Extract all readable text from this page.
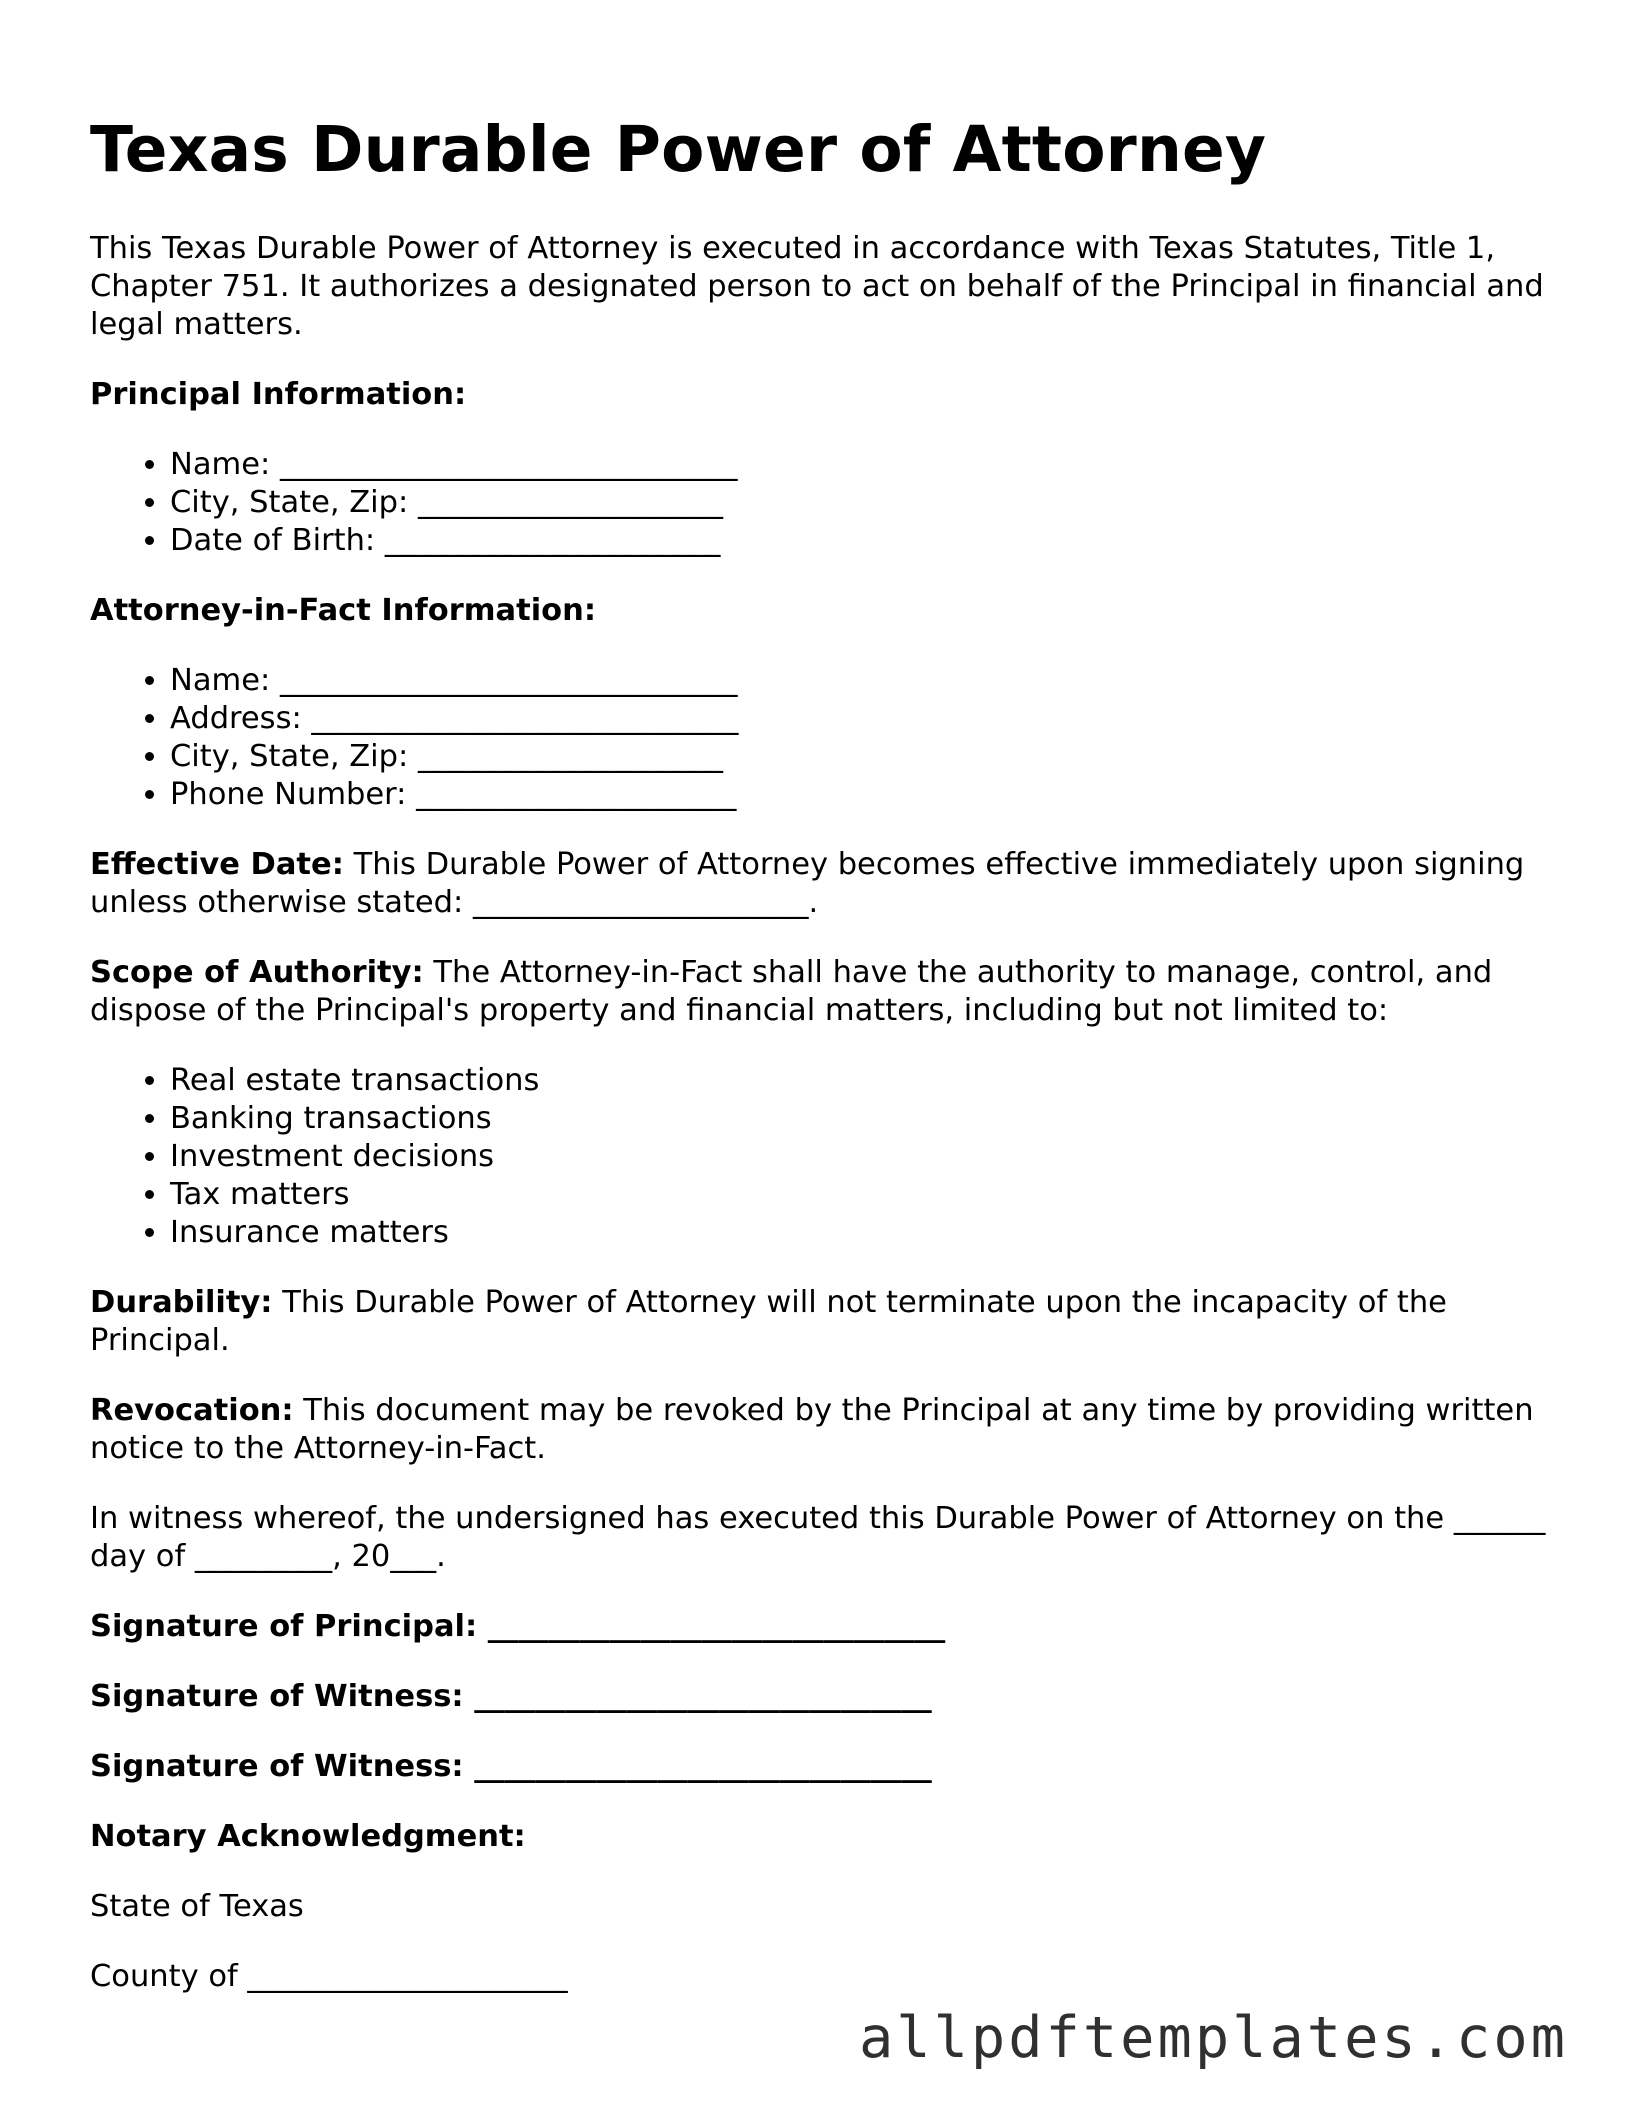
Texas Durable Power of Attorney

This Texas Durable Power of Attorney is executed in accordance with Texas Statutes, Title 1, Chapter 751. It authorizes a designated person to act on behalf of the Principal in financial and legal matters.

Principal Information:

• Name: ______________________________
• City, State, Zip: ____________________
• Date of Birth: ______________________

Attorney-in-Fact Information:

• Name: ______________________________
• Address: ____________________________
• City, State, Zip: ____________________
• Phone Number: _____________________

Effective Date: This Durable Power of Attorney becomes effective immediately upon signing unless otherwise stated: ______________________.

Scope of Authority: The Attorney-in-Fact shall have the authority to manage, control, and dispose of the Principal's property and financial matters, including but not limited to:

• Real estate transactions
• Banking transactions
• Investment decisions
• Tax matters
• Insurance matters

Durability: This Durable Power of Attorney will not terminate upon the incapacity of the Principal.

Revocation: This document may be revoked by the Principal at any time by providing written notice to the Attorney-in-Fact.

In witness whereof, the undersigned has executed this Durable Power of Attorney on the ______ day of _________, 20___.

Signature of Principal: ______________________________

Signature of Witness: ______________________________

Signature of Witness: ______________________________

Notary Acknowledgment:

State of Texas

County of _____________________

allpdftemplates.com
